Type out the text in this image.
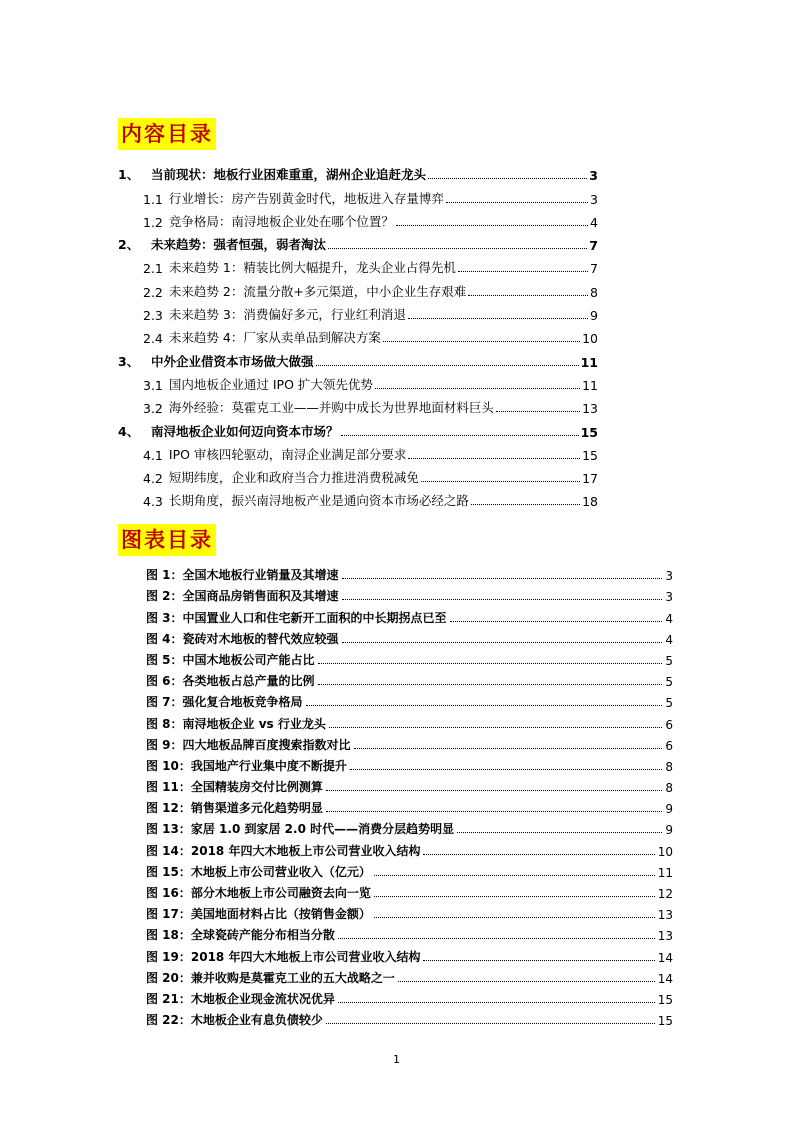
内容目录
1、 当前现状：地板行业困难重重，湖州企业追赶龙头	3
1.1 行业增长：房产告别黄金时代，地板进入存量博弈	3
1.2 竞争格局：南浔地板企业处在哪个位置？	4
2、 未来趋势：强者恒强，弱者淘汰	7
2.1 未来趋势 1：精装比例大幅提升，龙头企业占得先机	7
2.2 未来趋势 2：流量分散+多元渠道，中小企业生存艰难	8
2.3 未来趋势 3：消费偏好多元，行业红利消退	9
2.4 未来趋势 4：厂家从卖单品到解决方案	10
3、 中外企业借资本市场做大做强	11
3.1 国内地板企业通过 IPO 扩大领先优势	11
3.2 海外经验：莫霍克工业——并购中成长为世界地面材料巨头	13
4、 南浔地板企业如何迈向资本市场？	15
4.1 IPO 审核四轮驱动，南浔企业满足部分要求	15
4.2 短期纬度，企业和政府当合力推进消费税减免	17
4.3 长期角度，振兴南浔地板产业是通向资本市场必经之路	18
图表目录
图 1：全国木地板行业销量及其增速	3
图 2：全国商品房销售面积及其增速	3
图 3：中国置业人口和住宅新开工面积的中长期拐点已至	4
图 4：瓷砖对木地板的替代效应较强	4
图 5：中国木地板公司产能占比	5
图 6：各类地板占总产量的比例	5
图 7：强化复合地板竞争格局	5
图 8：南浔地板企业 vs 行业龙头	6
图 9：四大地板品牌百度搜索指数对比	6
图 10：我国地产行业集中度不断提升	8
图 11：全国精装房交付比例测算	8
图 12：销售渠道多元化趋势明显	9
图 13：家居 1.0 到家居 2.0 时代——消费分层趋势明显	9
图 14：2018 年四大木地板上市公司营业收入结构	10
图 15：木地板上市公司营业收入（亿元）	11
图 16：部分木地板上市公司融资去向一览	12
图 17：美国地面材料占比（按销售金额）	13
图 18：全球瓷砖产能分布相当分散	13
图 19：2018 年四大木地板上市公司营业收入结构	14
图 20：兼并收购是莫霍克工业的五大战略之一	14
图 21：木地板企业现金流状况优异	15
图 22：木地板企业有息负债较少	15
1
